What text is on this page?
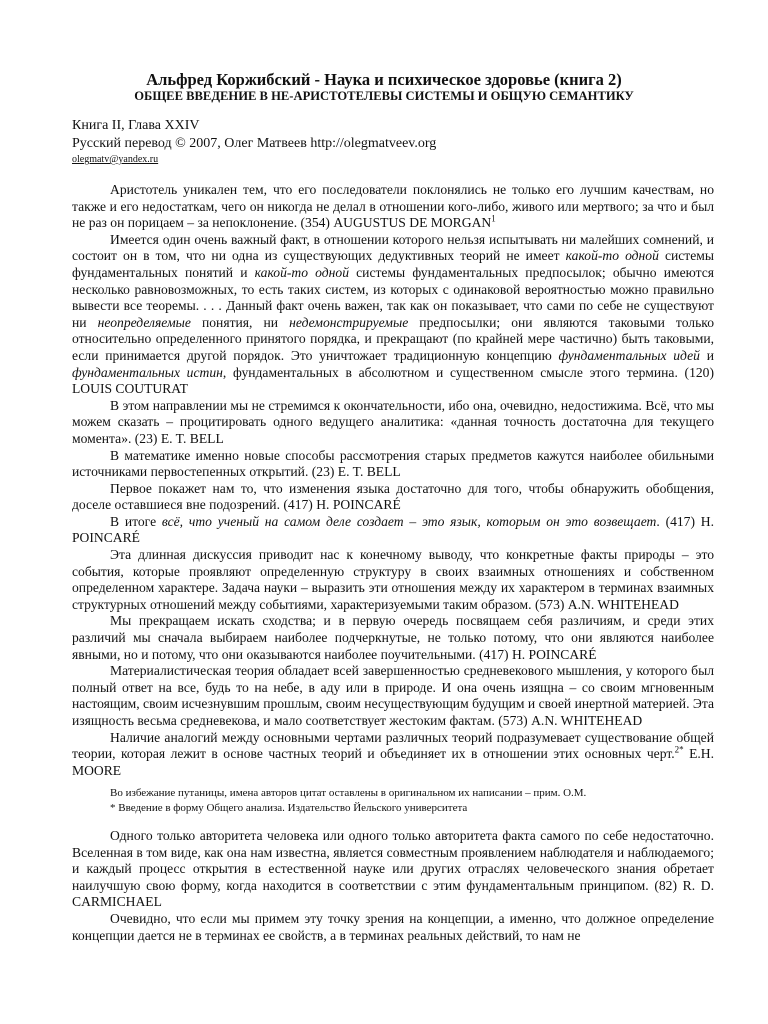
Альфред Коржибский - Наука и психическое здоровье (книга 2)
ОБЩЕЕ ВВЕДЕНИЕ В НЕ-АРИСТОТЕЛЕВЫ СИСТЕМЫ И ОБЩУЮ СЕМАНТИКУ
Книга II, Глава XXIV
Русский перевод © 2007, Олег Матвеев http://olegmatveev.org
olegmatv@yandex.ru

Аристотель уникален тем, что его последователи поклонялись не только его лучшим качествам, но также и его недостаткам, чего он никогда не делал в отношении кого-либо, живого или мертвого; за что и был не раз он порицаем – за непоклонение. (354) AUGUSTUS DE MORGAN$^1$

Имеется один очень важный факт, в отношении которого нельзя испытывать ни малейших сомнений, и состоит он в том, что ни одна из существующих дедуктивных теорий не имеет какой-то одной системы фундаментальных понятий и какой-то одной системы фундаментальных предпосылок; обычно имеются несколько равновозможных, то есть таких систем, из которых с одинаковой вероятностью можно правильно вывести все теоремы. . . . Данный факт очень важен, так как он показывает, что сами по себе не существуют ни неопределяемые понятия, ни недемонстрируемые предпосылки; они являются таковыми только относительно определенного принятого порядка, и прекращают (по крайней мере частично) быть таковыми, если принимается другой порядок. Это уничтожает традиционную концепцию фундаментальных идей и фундаментальных истин, фундаментальных в абсолютном и существенном смысле этого термина. (120) LOUIS COUTURAT

В этом направлении мы не стремимся к окончательности, ибо она, очевидно, недостижима. Всё, что мы можем сказать – процитировать одного ведущего аналитика: «данная точность достаточна для текущего момента». (23) E. T. BELL

В математике именно новые способы рассмотрения старых предметов кажутся наиболее обильными источниками первостепенных открытий. (23) E. T. BELL

Первое покажет нам то, что изменения языка достаточно для того, чтобы обнаружить обобщения, доселе оставшиеся вне подозрений. (417) H. POINCARÉ

В итоге всё, что ученый на самом деле создает – это язык, которым он это возвещает. (417) H. POINCARÉ

Эта длинная дискуссия приводит нас к конечному выводу, что конкретные факты природы – это события, которые проявляют определенную структуру в своих взаимных отношениях и собственном определенном характере. Задача науки – выразить эти отношения между их характером в терминах взаимных структурных отношений между событиями, характеризуемыми таким образом. (573) A.N. WHITEHEAD

Мы прекращаем искать сходства; и в первую очередь посвящаем себя различиям, и среди этих различий мы сначала выбираем наиболее подчеркнутые, не только потому, что они являются наиболее явными, но и потому, что они оказываются наиболее поучительными. (417) H. POINCARÉ

Материалистическая теория обладает всей завершенностью средневекового мышления, у которого был полный ответ на все, будь то на небе, в аду или в природе. И она очень изящна – со своим мгновенным настоящим, своим исчезнувшим прошлым, своим несуществующим будущим и своей инертной материей. Эта изящность весьма средневекова, и мало соответствует жестоким фактам. (573) A.N. WHITEHEAD

Наличие аналогий между основными чертами различных теорий подразумевает существование общей теории, которая лежит в основе частных теорий и объединяет их в отношении этих основных черт.$^{2*}$ E.H. MOORE

Во избежание путаницы, имена авторов цитат оставлены в оригинальном их написании – прим. О.М.
* Введение в форму Общего анализа. Издательство Йельского университета

Одного только авторитета человека или одного только авторитета факта самого по себе недостаточно. Вселенная в том виде, как она нам известна, является совместным проявлением наблюдателя и наблюдаемого; и каждый процесс открытия в естественной науке или других отраслях человеческого знания обретает наилучшую свою форму, когда находится в соответствии с этим фундаментальным принципом. (82) R. D. CARMICHAEL

Очевидно, что если мы примем эту точку зрения на концепции, а именно, что должное определение концепции дается не в терминах ее свойств, а в терминах реальных действий, то нам не
